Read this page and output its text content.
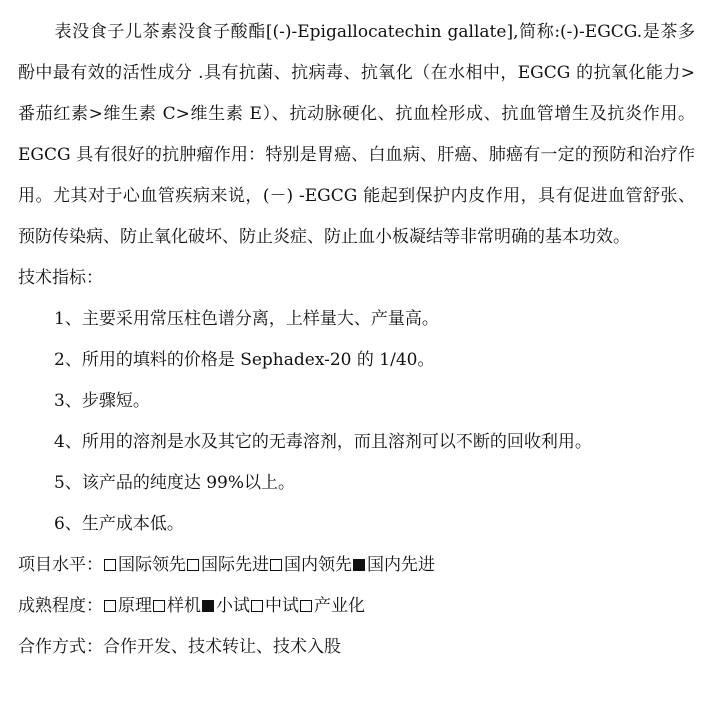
表没食子儿茶素没食子酸酯[(-)-Epigallocatechin gallate],简称:(-)-EGCG.是茶多酚中最有效的活性成分 .具有抗菌、抗病毒、抗氧化（在水相中，EGCG 的抗氧化能力>番茄红素>维生素 C>维生素 E）、抗动脉硬化、抗血栓形成、抗血管增生及抗炎作用。EGCG 具有很好的抗肿瘤作用：特别是胃癌、白血病、肝癌、肺癌有一定的预防和治疗作用。尤其对于心血管疾病来说，(－) -EGCG 能起到保护内皮作用，具有促进血管舒张、预防传染病、防止氧化破坏、防止炎症、防止血小板凝结等非常明确的基本功效。

技术指标：

1、主要采用常压柱色谱分离，上样量大、产量高。
2、所用的填料的价格是 Sephadex-20 的 1/40。
3、步骤短。
4、所用的溶剂是水及其它的无毒溶剂，而且溶剂可以不断的回收利用。
5、该产品的纯度达 99%以上。
6、生产成本低。
项目水平： 国际领先 国际先进 国内领先 国内先进
成熟程度： 原理 样机 小试 中试 产业化
合作方式：合作开发、技术转让、技术入股
